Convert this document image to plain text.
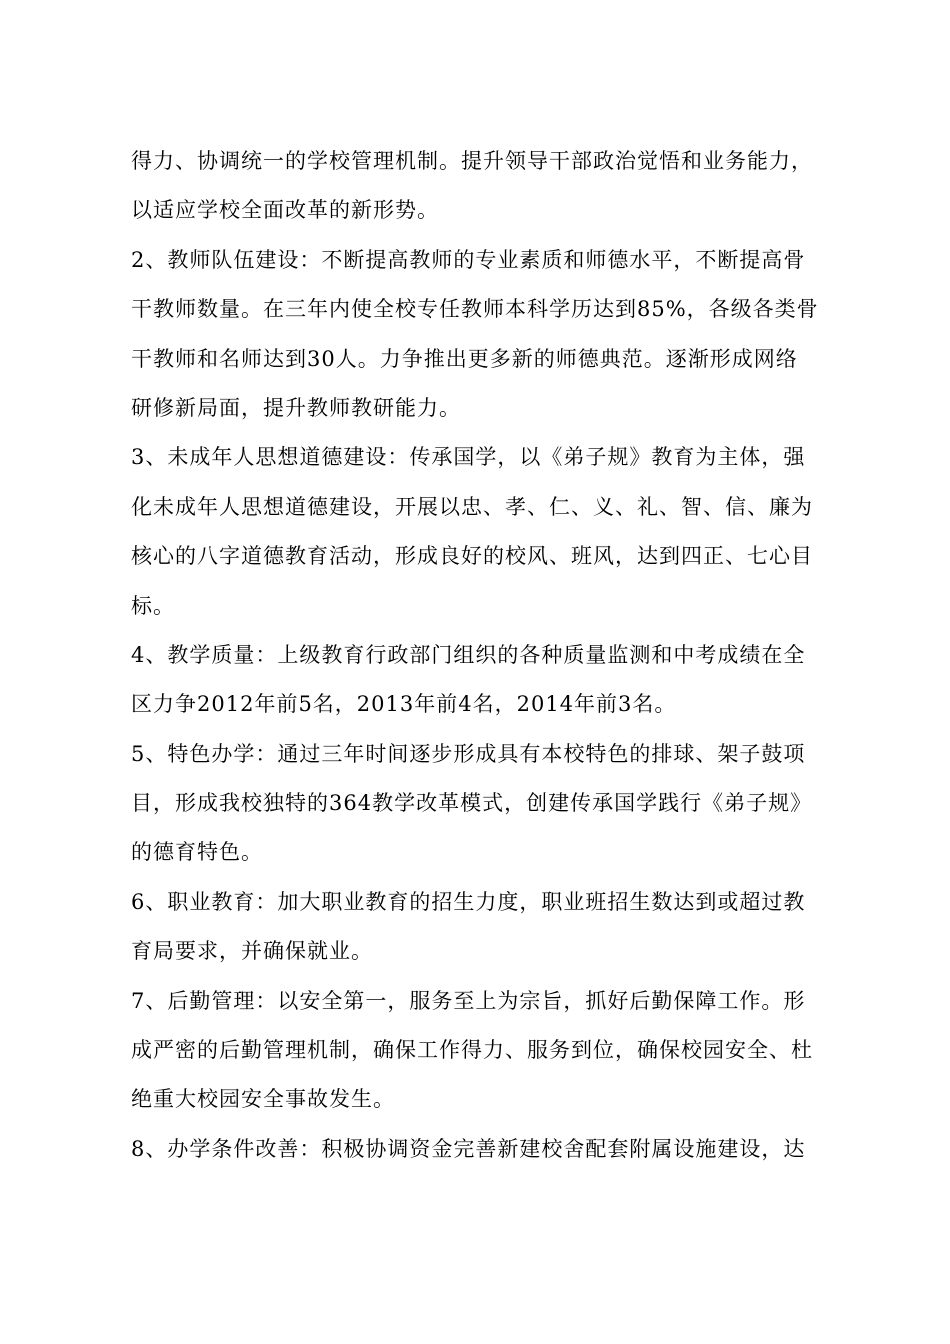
得力、协调统一的学校管理机制。提升领导干部政治觉悟和业务能力，
以适应学校全面改革的新形势。

2、教师队伍建设：不断提高教师的专业素质和师德水平，不断提高骨
干教师数量。在三年内使全校专任教师本科学历达到85%，各级各类骨
干教师和名师达到30人。力争推出更多新的师德典范。逐渐形成网络
研修新局面，提升教师教研能力。

3、未成年人思想道德建设：传承国学，以《弟子规》教育为主体，强
化未成年人思想道德建设，开展以忠、孝、仁、义、礼、智、信、廉为
核心的八字道德教育活动，形成良好的校风、班风，达到四正、七心目
标。

4、教学质量：上级教育行政部门组织的各种质量监测和中考成绩在全
区力争2012年前5名，2013年前4名，2014年前3名。

5、特色办学：通过三年时间逐步形成具有本校特色的排球、架子鼓项
目，形成我校独特的364教学改革模式，创建传承国学践行《弟子规》
的德育特色。

6、职业教育：加大职业教育的招生力度，职业班招生数达到或超过教
育局要求，并确保就业。

7、后勤管理：以安全第一，服务至上为宗旨，抓好后勤保障工作。形
成严密的后勤管理机制，确保工作得力、服务到位，确保校园安全、杜
绝重大校园安全事故发生。

8、办学条件改善：积极协调资金完善新建校舍配套附属设施建设，达
